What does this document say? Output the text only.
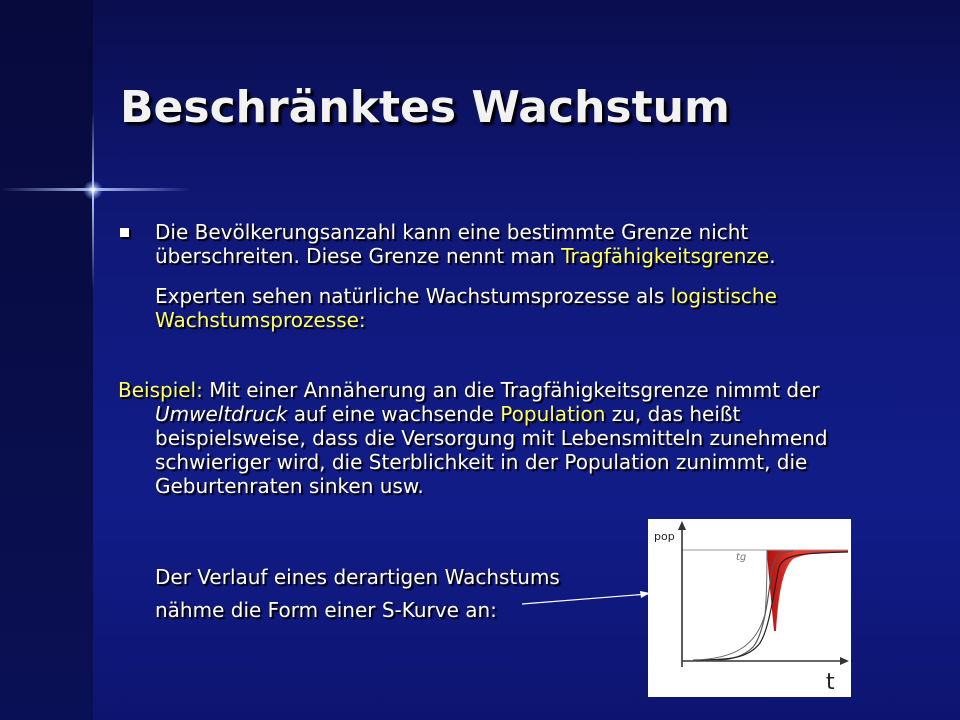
Beschränktes Wachstum
Die Bevölkerungsanzahl kann eine bestimmte Grenze nicht überschreiten. Diese Grenze nennt man Tragfähigkeitsgrenze.
Experten sehen natürliche Wachstumsprozesse als logistische Wachstumsprozesse:
Beispiel: Mit einer Annäherung an die Tragfähigkeitsgrenze nimmt der
Umweltdruck auf eine wachsende Population zu, das heißt beispielsweise, dass die Versorgung mit Lebensmitteln zunehmend schwieriger wird, die Sterblichkeit in der Population zunimmt, die Geburtenraten sinken usw.
Der Verlauf eines derartigen Wachstums
nähme die Form einer S-Kurve an:
pop
tg
t
